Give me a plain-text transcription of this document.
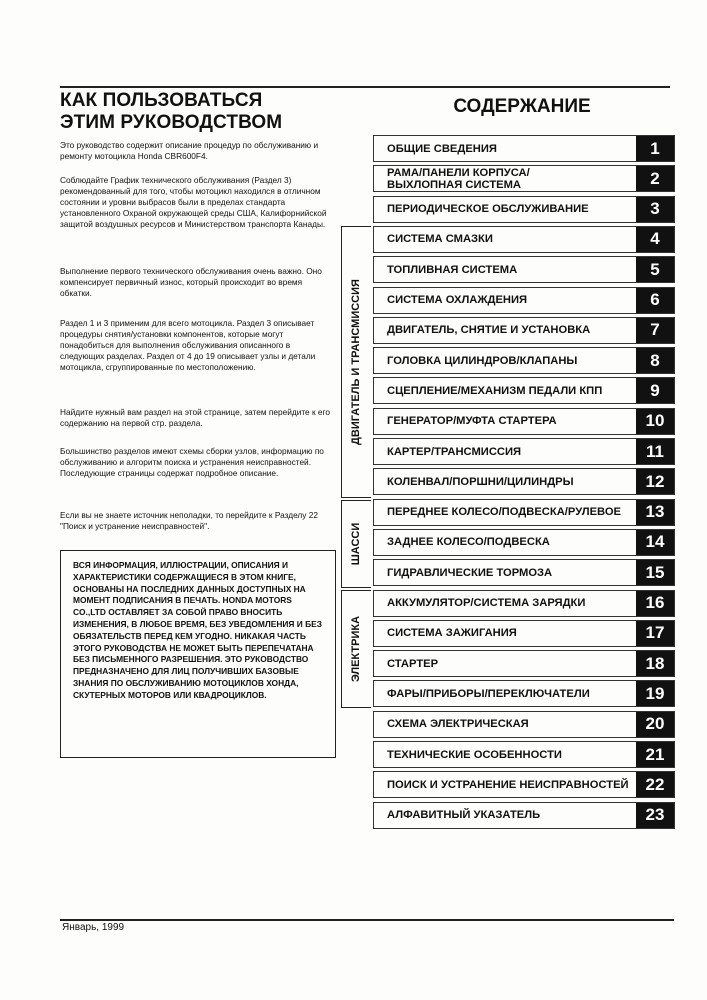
КАК ПОЛЬЗОВАТЬСЯ
ЭТИМ РУКОВОДСТВОМ
Это руководство содержит описание процедур по обслуживанию и ремонту мотоцикла Honda CBR600F4.
Соблюдайте График технического обслуживания (Раздел 3) рекомендованный для того, чтобы мотоцикл находился в отличном состоянии и уровни выбрасов были в пределах стандарта установленного Охраной окружающей среды США, Калифорнийской защитой воздушных ресурсов и Министерством транспорта Канады.
Выполнение первого технического обслуживания очень важно. Оно компенсирует первичный износ, который происходит во время обкатки.
Раздел 1 и 3 применим для всего мотоцикла. Раздел 3 описывает процедуры снятия/установки компонентов, которые могут понадобиться для выполнения обслуживания описанного в следующих разделах. Раздел от 4 до 19 описывает узлы и детали мотоцикла, сгруппированные по местоположению.
Найдите нужный вам раздел на этой странице, затем перейдите к его содержанию на первой стр. раздела.
Большинство разделов имеют схемы сборки узлов, информацию по обслуживанию и алгоритм поиска и устранения неисправностей.
Последующие страницы содержат подробное описание.
Если вы не знаете источник неполадки, то перейдите к Разделу 22 "Поиск и устранение неисправностей".
ВСЯ ИНФОРМАЦИЯ, ИЛЛЮСТРАЦИИ, ОПИСАНИЯ И ХАРАКТЕРИСТИКИ СОДЕРЖАЩИЕСЯ В ЭТОМ КНИГЕ, ОСНОВАНЫ НА ПОСЛЕДНИХ ДАННЫХ ДОСТУПНЫХ НА МОМЕНТ ПОДПИСАНИЯ В ПЕЧАТЬ. HONDA MOTORS CO.,LTD ОСТАВЛЯЕТ ЗА СОБОЙ ПРАВО ВНОСИТЬ ИЗМЕНЕНИЯ, В ЛЮБОЕ ВРЕМЯ, БЕЗ УВЕДОМЛЕНИЯ И БЕЗ ОБЯЗАТЕЛЬСТВ ПЕРЕД КЕМ УГОДНО. НИКАКАЯ ЧАСТЬ ЭТОГО РУКОВОДСТВА НЕ МОЖЕТ БЫТЬ ПЕРЕПЕЧАТАНА БЕЗ ПИСЬМЕННОГО РАЗРЕШЕНИЯ. ЭТО РУКОВОДСТВО ПРЕДНАЗНАЧЕНО ДЛЯ ЛИЦ ПОЛУЧИВШИХ БАЗОВЫЕ ЗНАНИЯ ПО ОБСЛУЖИВАНИЮ МОТОЦИКЛОВ ХОНДА, СКУТЕРНЫХ МОТОРОВ ИЛИ КВАДРОЦИКЛОВ.
СОДЕРЖАНИЕ
ДВИГАТЕЛЬ И ТРАНСМИССИЯ
ШАССИ
ЭЛЕКТРИКА
ОБЩИЕ СВЕДЕНИЯ	1
РАМА/ПАНЕЛИ КОРПУСА/
ВЫХЛОПНАЯ СИСТЕМА	2
ПЕРИОДИЧЕСКОЕ ОБСЛУЖИВАНИЕ	3
СИСТЕМА СМАЗКИ	4
ТОПЛИВНАЯ СИСТЕМА	5
СИСТЕМА ОХЛАЖДЕНИЯ	6
ДВИГАТЕЛЬ, СНЯТИЕ И УСТАНОВКА	7
ГОЛОВКА ЦИЛИНДРОВ/КЛАПАНЫ	8
СЦЕПЛЕНИЕ/МЕХАНИЗМ ПЕДАЛИ КПП	9
ГЕНЕРАТОР/МУФТА СТАРТЕРА	10
КАРТЕР/ТРАНСМИССИЯ	11
КОЛЕНВАЛ/ПОРШНИ/ЦИЛИНДРЫ	12
ПЕРЕДНЕЕ КОЛЕСО/ПОДВЕСКА/РУЛЕВОЕ	13
ЗАДНЕЕ КОЛЕСО/ПОДВЕСКА	14
ГИДРАВЛИЧЕСКИЕ ТОРМОЗА	15
АККУМУЛЯТОР/СИСТЕМА ЗАРЯДКИ	16
СИСТЕМА ЗАЖИГАНИЯ	17
СТАРТЕР	18
ФАРЫ/ПРИБОРЫ/ПЕРЕКЛЮЧАТЕЛИ	19
СХЕМА ЭЛЕКТРИЧЕСКАЯ	20
ТЕХНИЧЕСКИЕ ОСОБЕННОСТИ	21
ПОИСК И УСТРАНЕНИЕ НЕИСПРАВНОСТЕЙ 22
АЛФАВИТНЫЙ УКАЗАТЕЛЬ	23
Январь, 1999
